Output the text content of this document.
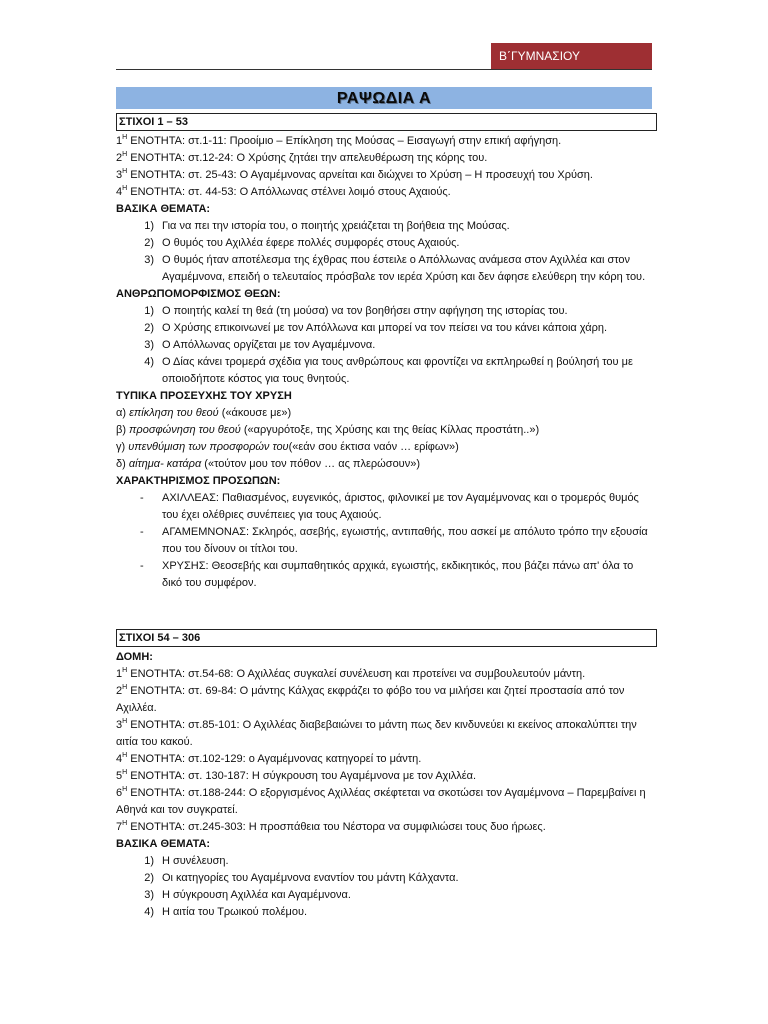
Β΄ΓΥΜΝΑΣΙΟΥ
ΡΑΨΩΔΙΑ Α
ΣΤΙΧΟΙ 1 – 53
$1^H$ ΕΝΟΤΗΤΑ: στ.1-11: Προοίμιο – Επίκληση της Μούσας – Εισαγωγή στην επική αφήγηση.
$2^H$ ΕΝΟΤΗΤΑ: στ.12-24: Ο Χρύσης ζητάει την απελευθέρωση της κόρης του.
$3^H$ ΕΝΟΤΗΤΑ: στ. 25-43: Ο Αγαμέμνονας αρνείται και διώχνει το Χρύση – Η προσευχή του Χρύση.
$4^H$ ΕΝΟΤΗΤΑ: στ. 44-53: Ο Απόλλωνας στέλνει λοιμό στους Αχαιούς.
ΒΑΣΙΚΑ ΘΕΜΑΤΑ:
1) Για να πει την ιστορία του, ο ποιητής χρειάζεται τη βοήθεια της Μούσας.
2) Ο θυμός του Αχιλλέα έφερε πολλές συμφορές στους Αχαιούς.
3) Ο θυμός ήταν αποτέλεσμα της έχθρας που έστειλε ο Απόλλωνας ανάμεσα στον Αχιλλέα και στον Αγαμέμνονα, επειδή ο τελευταίος πρόσβαλε τον ιερέα Χρύση και δεν άφησε ελεύθερη την κόρη του.
ΑΝΘΡΩΠΟΜΟΡΦΙΣΜΟΣ ΘΕΩΝ:
1) Ο ποιητής καλεί τη θεά (τη μούσα) να τον βοηθήσει στην αφήγηση της ιστορίας του.
2) Ο Χρύσης επικοινωνεί με τον Απόλλωνα και μπορεί να τον πείσει να του κάνει κάποια χάρη.
3) Ο Απόλλωνας οργίζεται με τον Αγαμέμνονα.
4) Ο Δίας κάνει τρομερά σχέδια για τους ανθρώπους και φροντίζει να εκπληρωθεί η βούλησή του με οποιοδήποτε κόστος για τους θνητούς.
ΤΥΠΙΚΑ ΠΡΟΣΕΥΧΗΣ ΤΟΥ ΧΡΥΣΗ
α) επίκληση του θεού («άκουσε με»)
β) προσφώνηση του θεού («αργυρότοξε, της Χρύσης και της θείας Κίλλας προστάτη..»)
γ) υπενθύμιση των προσφορών του(«εάν σου έκτισα ναόν … ερίφων»)
δ) αίτημα- κατάρα («τούτον μου τον πόθον … ας πλερώσουν»)
ΧΑΡΑΚΤΗΡΙΣΜΟΣ ΠΡΟΣΩΠΩΝ:
-	ΑΧΙΛΛΕΑΣ: Παθιασμένος, ευγενικός, άριστος, φιλονικεί με τον Αγαμέμνονας και ο τρομερός θυμός του έχει ολέθριες συνέπειες για τους Αχαιούς.
-	ΑΓΑΜΕΜΝΟΝΑΣ: Σκληρός, ασεβής, εγωιστής, αντιπαθής, που ασκεί με απόλυτο τρόπο την εξουσία που του δίνουν οι τίτλοι του.
-	ΧΡΥΣΗΣ: Θεοσεβής και συμπαθητικός αρχικά, εγωιστής, εκδικητικός, που βάζει πάνω απ' όλα το δικό του συμφέρον.
ΣΤΙΧΟΙ 54 – 306
ΔΟΜΗ:
$1^H$ ΕΝΟΤΗΤΑ: στ.54-68: Ο Αχιλλέας συγκαλεί συνέλευση και προτείνει να συμβουλευτούν μάντη.
$2^H$ ΕΝΟΤΗΤΑ: στ. 69-84: Ο μάντης Κάλχας εκφράζει το φόβο του να μιλήσει και ζητεί προστασία από τον Αχιλλέα.
$3^H$ ΕΝΟΤΗΤΑ: στ.85-101: Ο Αχιλλέας διαβεβαιώνει το μάντη πως δεν κινδυνεύει κι εκείνος αποκαλύπτει την αιτία του κακού.
$4^H$ ΕΝΟΤΗΤΑ: στ.102-129: ο Αγαμέμνονας κατηγορεί το μάντη.
$5^H$ ΕΝΟΤΗΤΑ: στ. 130-187: Η σύγκρουση του Αγαμέμνονα με τον Αχιλλέα.
$6^H$ ΕΝΟΤΗΤΑ: στ.188-244: Ο εξοργισμένος Αχιλλέας σκέφτεται να σκοτώσει τον Αγαμέμνονα – Παρεμβαίνει η Αθηνά και τον συγκρατεί.
$7^H$ ΕΝΟΤΗΤΑ: στ.245-303: Η προσπάθεια του Νέστορα να συμφιλιώσει τους δυο ήρωες.
ΒΑΣΙΚΑ ΘΕΜΑΤΑ:
1) Η συνέλευση.
2) Οι κατηγορίες του Αγαμέμνονα εναντίον του μάντη Κάλχαντα.
3) Η σύγκρουση Αχιλλέα και Αγαμέμνονα.
4) Η αιτία του Τρωικού πολέμου.
